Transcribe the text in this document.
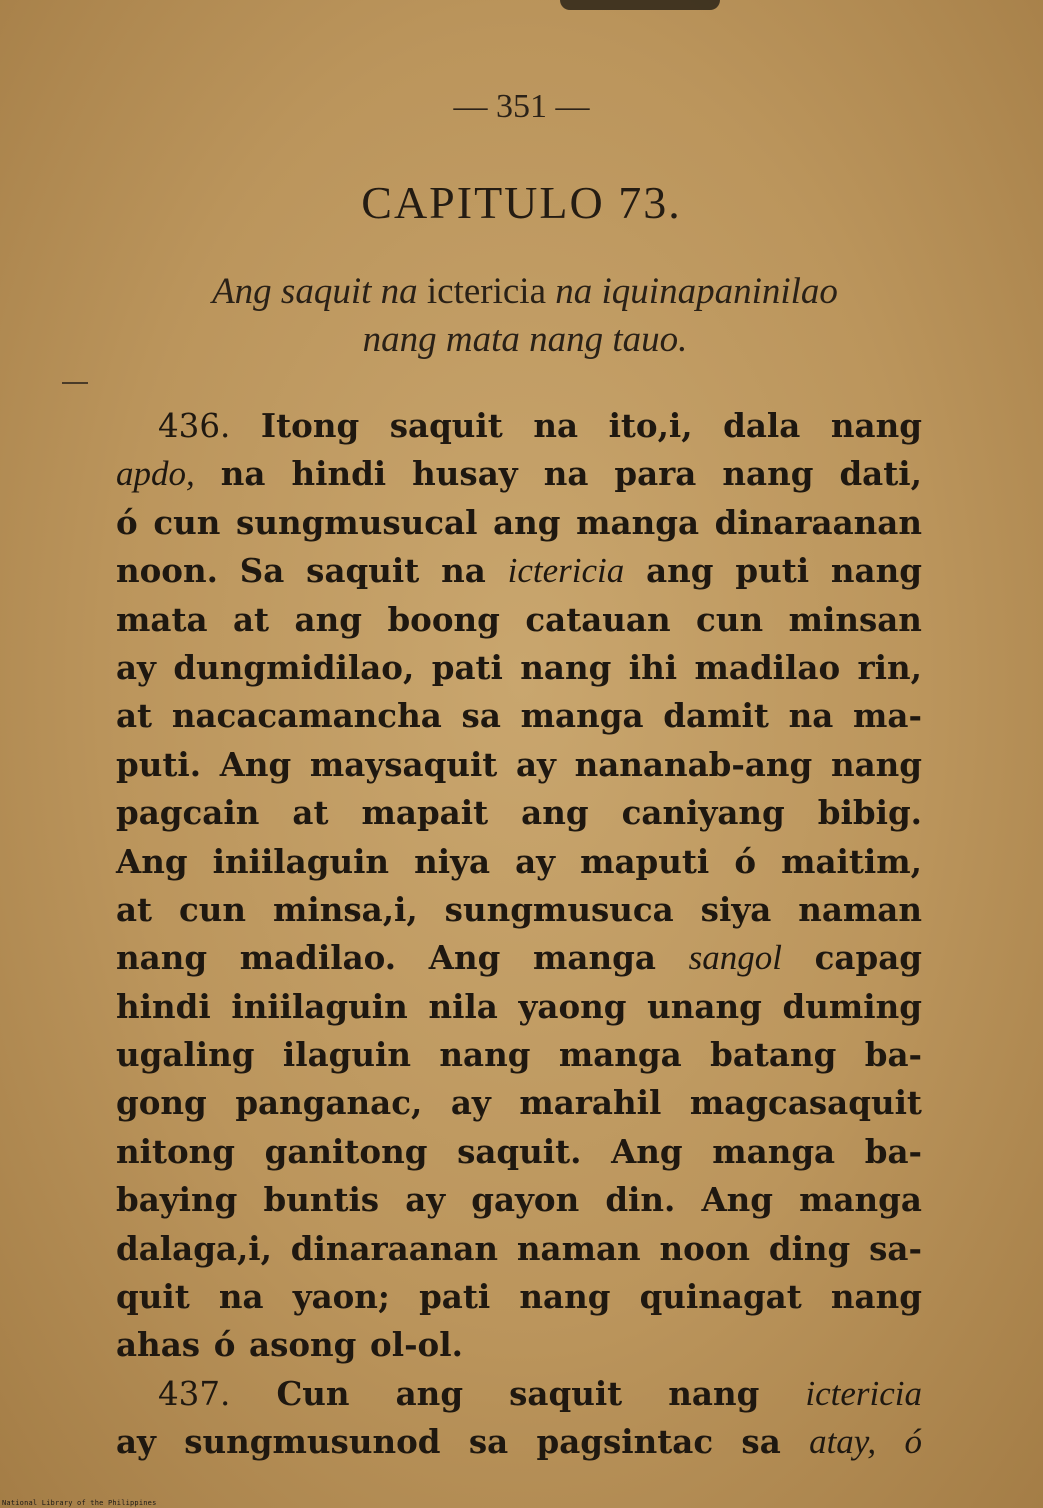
— 351 —
CAPITULO 73.
Ang saquit na ictericia na iquinapaninilao
nang mata nang tauo.
436. Itong saquit na ito,i, dala nang
apdo, na hindi husay na para nang dati,
ó cun sungmusucal ang manga dinaraanan
noon. Sa saquit na ictericia ang puti nang
mata at ang boong catauan cun minsan
ay dungmidilao, pati nang ihi madilao rin,
at nacacamancha sa manga damit na ma-
puti. Ang maysaquit ay nananab-ang nang
pagcain at mapait ang caniyang bibig.
Ang iniilaguin niya ay maputi ó maitim,
at cun minsa,i, sungmusuca siya naman
nang madilao. Ang manga sangol capag
hindi iniilaguin nila yaong unang duming
ugaling ilaguin nang manga batang ba-
gong panganac, ay marahil magcasaquit
nitong ganitong saquit. Ang manga ba-
baying buntis ay gayon din. Ang manga
dalaga,i, dinaraanan naman noon ding sa-
quit na yaon; pati nang quinagat nang
ahas ó asong ol-ol.
437. Cun ang saquit nang ictericia
ay sungmusunod sa pagsintac sa atay, ó
National Library of the Philippines
